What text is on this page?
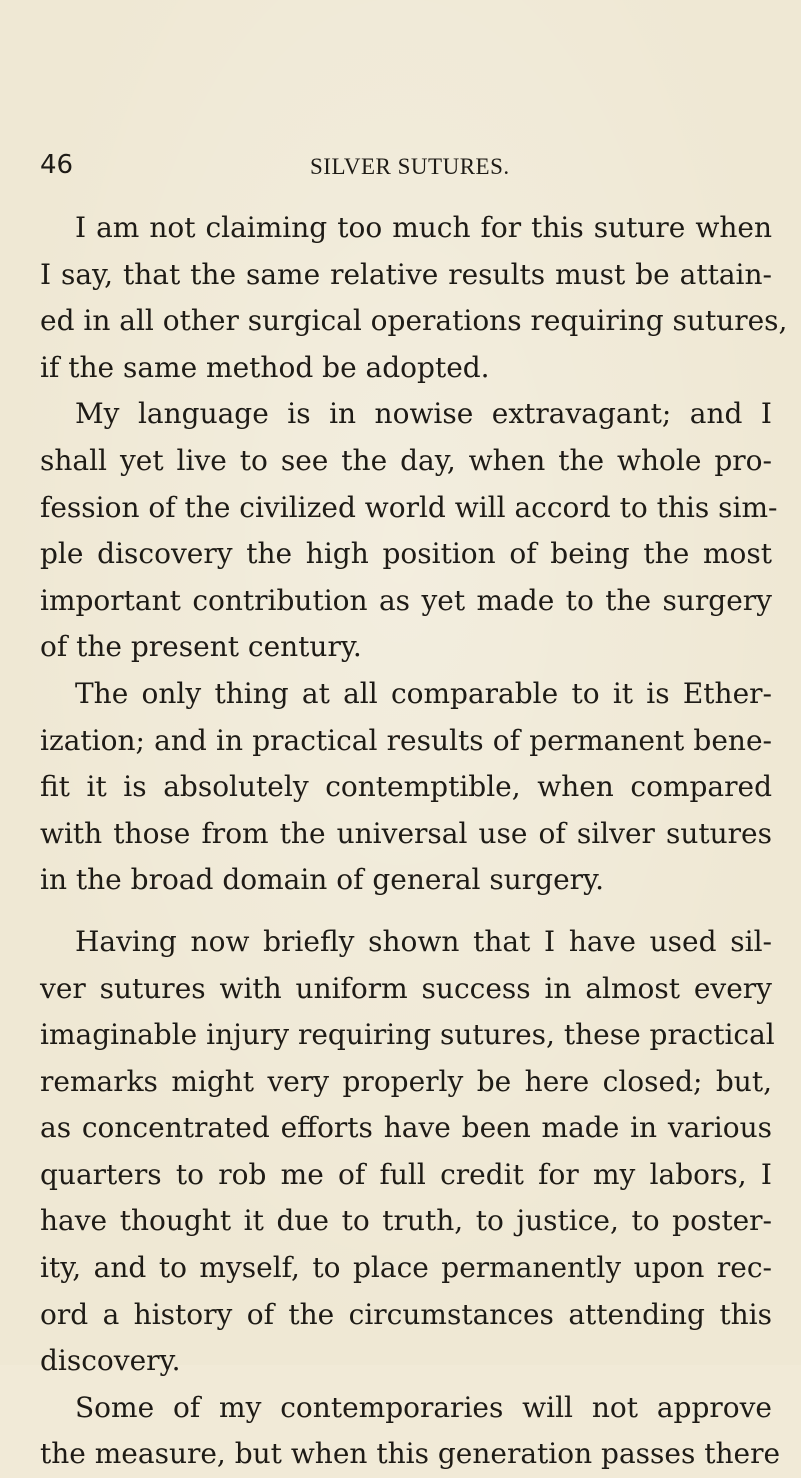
46	SILVER SUTURES.
I am not claiming too much for this suture when
I say, that the same relative results must be attain-
ed in all other surgical operations requiring sutures,
if the same method be adopted.
My language is in nowise extravagant; and I
shall yet live to see the day, when the whole pro-
fession of the civilized world will accord to this sim-
ple discovery the high position of being the most
important contribution as yet made to the surgery
of the present century.
The only thing at all comparable to it is Ether-
ization; and in practical results of permanent bene-
fit it is absolutely contemptible, when compared
with those from the universal use of silver sutures
in the broad domain of general surgery.
Having now briefly shown that I have used sil-
ver sutures with uniform success in almost every
imaginable injury requiring sutures, these practical
remarks might very properly be here closed; but,
as concentrated efforts have been made in various
quarters to rob me of full credit for my labors, I
have thought it due to truth, to justice, to poster-
ity, and to myself, to place permanently upon rec-
ord a history of the circumstances attending this
discovery.
Some of my contemporaries will not approve
the measure, but when this generation passes there
